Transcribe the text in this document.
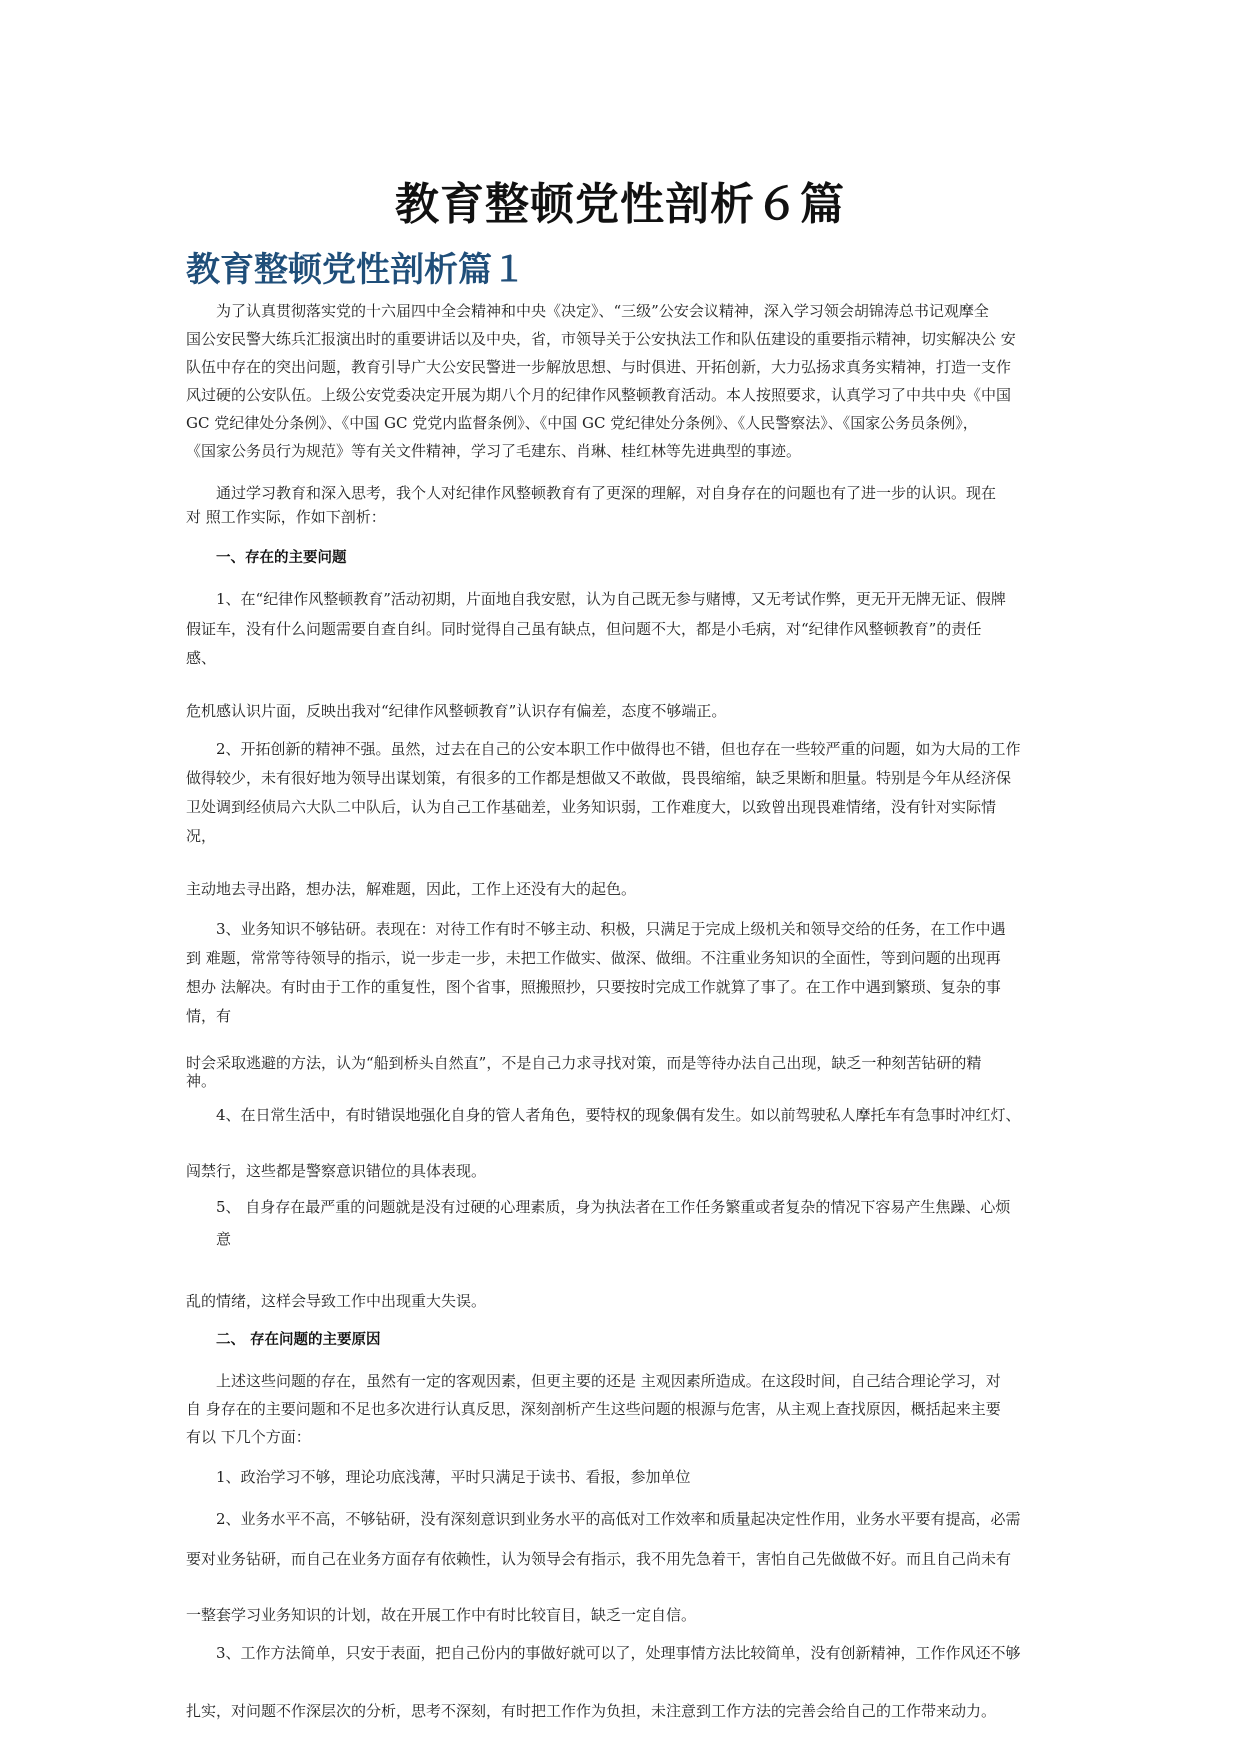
教育整顿党性剖析６篇
教育整顿党性剖析篇１

为了认真贯彻落实党的十六届四中全会精神和中央《决定》、“三级”公安会议精神，深入学习领会胡锦涛总书记观摩全

国公安民警大练兵汇报演出时的重要讲话以及中央，省，市领导关于公安执法工作和队伍建设的重要指示精神，切实解决公 安

队伍中存在的突出问题，教育引导广大公安民警进一步解放思想、与时俱进、开拓创新，大力弘扬求真务实精神，打造一支作

风过硬的公安队伍。上级公安党委决定开展为期八个月的纪律作风整顿教育活动。本人按照要求，认真学习了中共中央《中国

GC 党纪律处分条例》、《中国 GC 党党内监督条例》、《中国 GC 党纪律处分条例》、《人民警察法》、《国家公务员条例》，

《国家公务员行为规范》等有关文件精神，学习了毛建东、肖琳、桂红林等先进典型的事迹。

通过学习教育和深入思考，我个人对纪律作风整顿教育有了更深的理解，对自身存在的问题也有了进一步的认识。现在

对 照工作实际，作如下剖析：

一、存在的主要问题

1、在“纪律作风整顿教育”活动初期，片面地自我安慰，认为自己既无参与赌博，又无考试作弊，更无开无牌无证、假牌

假证车，没有什么问题需要自查自纠。同时觉得自己虽有缺点，但问题不大，都是小毛病，对“纪律作风整顿教育”的责任

感、

危机感认识片面，反映出我对“纪律作风整顿教育”认识存有偏差，态度不够端正。

2、开拓创新的精神不强。虽然，过去在自己的公安本职工作中做得也不错，但也存在一些较严重的问题，如为大局的工作

做得较少，未有很好地为领导出谋划策，有很多的工作都是想做又不敢做，畏畏缩缩，缺乏果断和胆量。特别是今年从经济保

卫处调到经侦局六大队二中队后，认为自己工作基础差，业务知识弱，工作难度大，以致曾出现畏难情绪，没有针对实际情

况，

主动地去寻出路，想办法，解难题，因此，工作上还没有大的起色。

3、业务知识不够钻研。表现在：对待工作有时不够主动、积极，只满足于完成上级机关和领导交给的任务，在工作中遇

到 难题，常常等待领导的指示，说一步走一步，未把工作做实、做深、做细。不注重业务知识的全面性，等到问题的出现再

想办 法解决。有时由于工作的重复性，图个省事，照搬照抄，只要按时完成工作就算了事了。在工作中遇到繁琐、复杂的事

情，有

时会采取逃避的方法，认为“船到桥头自然直”，不是自己力求寻找对策，而是等待办法自己出现，缺乏一种刻苦钻研的精

神。

4、在日常生活中，有时错误地强化自身的管人者角色，要特权的现象偶有发生。如以前驾驶私人摩托车有急事时冲红灯、

闯禁行，这些都是警察意识错位的具体表现。

5、 自身存在最严重的问题就是没有过硬的心理素质，身为执法者在工作任务繁重或者复杂的情况下容易产生焦躁、心烦

意

乱的情绪，这样会导致工作中出现重大失误。

二、 存在问题的主要原因

上述这些问题的存在，虽然有一定的客观因素，但更主要的还是 主观因素所造成。在这段时间，自己结合理论学习，对

自 身存在的主要问题和不足也多次进行认真反思，深刻剖析产生这些问题的根源与危害，从主观上查找原因，概括起来主要

有以 下几个方面：

1、政治学习不够，理论功底浅薄，平时只满足于读书、看报，参加单位

2、业务水平不高，不够钻研，没有深刻意识到业务水平的高低对工作效率和质量起决定性作用，业务水平要有提高，必需

要对业务钻研，而自己在业务方面存有依赖性，认为领导会有指示，我不用先急着干，害怕自己先做做不好。而且自己尚未有

一整套学习业务知识的计划，故在开展工作中有时比较盲目，缺乏一定自信。

3、工作方法简单，只安于表面，把自己份内的事做好就可以了，处理事情方法比较简单，没有创新精神，工作作风还不够

扎实，对问题不作深层次的分析，思考不深刻，有时把工作作为负担，未注意到工作方法的完善会给自己的工作带来动力。
